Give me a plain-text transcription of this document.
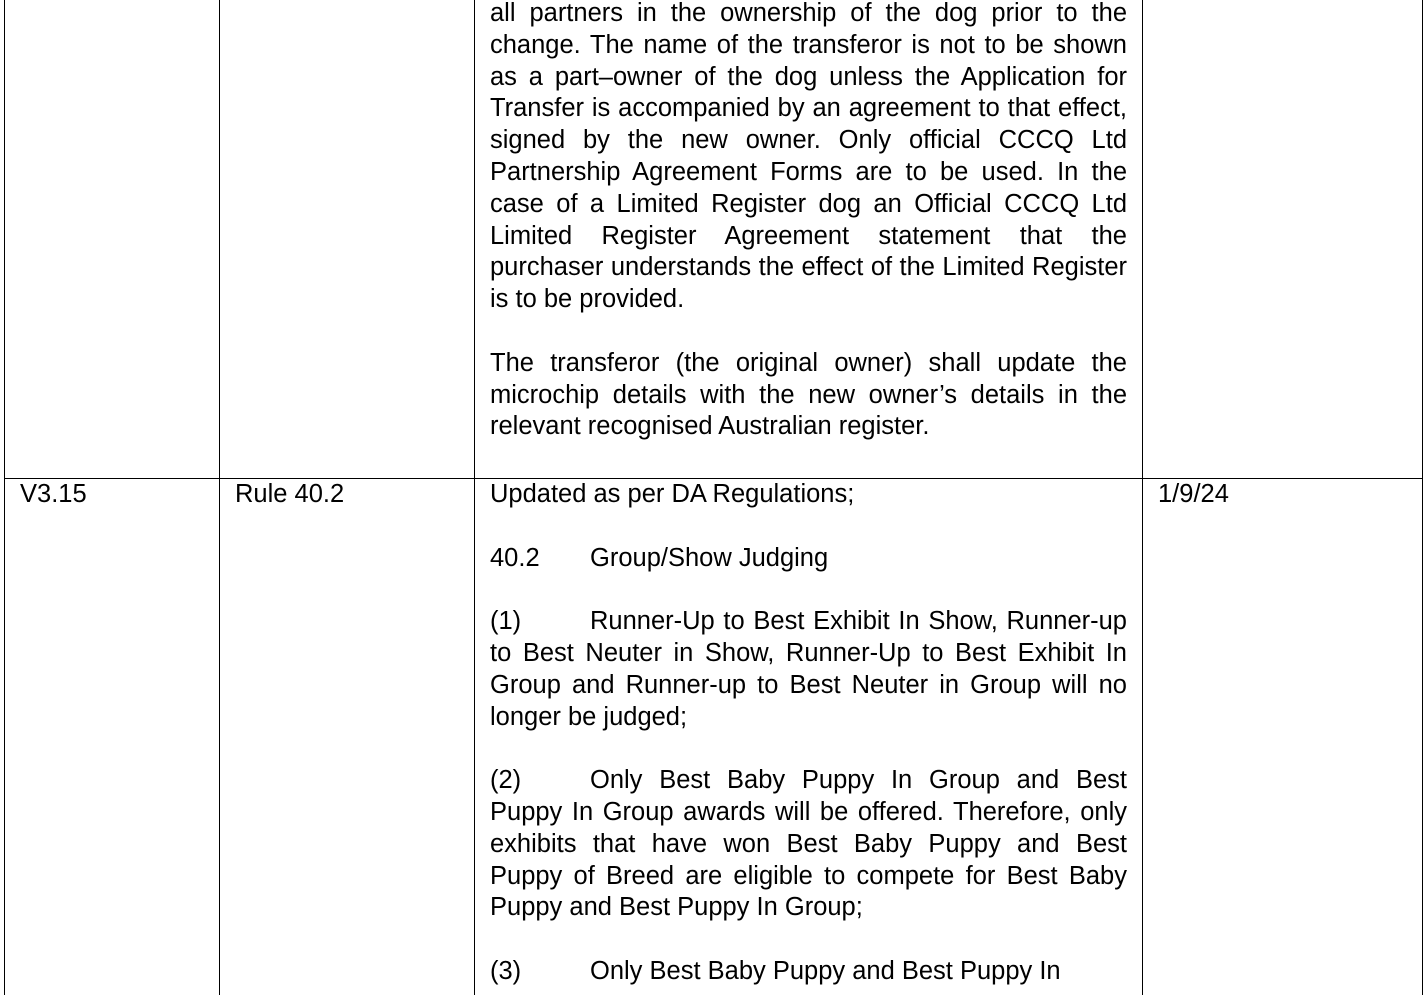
		all partners in the ownership of the dog prior to the change. The name of the transferor is not to be shown as a part–owner of the dog unless the Application for Transfer is accompanied by an agreement to that effect, signed by the new owner. Only official CCCQ Ltd Partnership Agreement Forms are to be used. In the case of a Limited Register dog an Official CCCQ Ltd Limited Register Agreement statement that the purchaser understands the effect of the Limited Register is to be provided.

The transferor (the original owner) shall update the microchip details with the new owner’s details in the relevant recognised Australian register.	

V3.15	Rule 40.2	Updated as per DA Regulations;

40.2 Group/Show Judging

(1) Runner-Up to Best Exhibit In Show, Runner-up to Best Neuter in Show, Runner-Up to Best Exhibit In Group and Runner-up to Best Neuter in Group will no longer be judged;

(2) Only Best Baby Puppy In Group and Best Puppy In Group awards will be offered. Therefore, only exhibits that have won Best Baby Puppy and Best Puppy of Breed are eligible to compete for Best Baby Puppy and Best Puppy In Group;

(3) Only Best Baby Puppy and Best Puppy In	1/9/24
